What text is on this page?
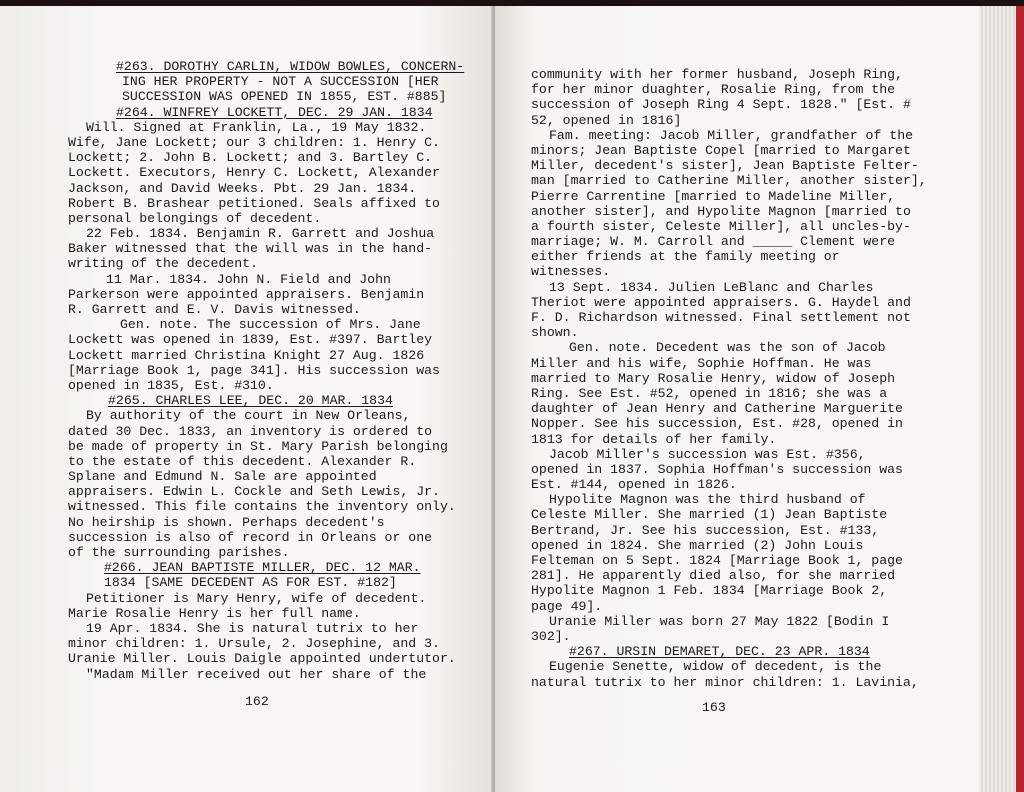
#263. DOROTHY CARLIN, WIDOW BOWLES, CONCERN-
ING HER PROPERTY - NOT A SUCCESSION [HER
SUCCESSION WAS OPENED IN 1855, EST. #885]
#264. WINFREY LOCKETT, DEC. 29 JAN. 1834
Will. Signed at Franklin, La., 19 May 1832.
Wife, Jane Lockett; our 3 children: 1. Henry C.
Lockett; 2. John B. Lockett; and 3. Bartley C.
Lockett. Executors, Henry C. Lockett, Alexander
Jackson, and David Weeks. Pbt. 29 Jan. 1834.
Robert B. Brashear petitioned. Seals affixed to
personal belongings of decedent.
22 Feb. 1834. Benjamin R. Garrett and Joshua
Baker witnessed that the will was in the hand-
writing of the decedent.
11 Mar. 1834. John N. Field and John
Parkerson were appointed appraisers. Benjamin
R. Garrett and E. V. Davis witnessed.
Gen. note. The succession of Mrs. Jane
Lockett was opened in 1839, Est. #397. Bartley
Lockett married Christina Knight 27 Aug. 1826
[Marriage Book 1, page 341]. His succession was
opened in 1835, Est. #310.
#265. CHARLES LEE, DEC. 20 MAR. 1834
By authority of the court in New Orleans,
dated 30 Dec. 1833, an inventory is ordered to
be made of property in St. Mary Parish belonging
to the estate of this decedent. Alexander R.
Splane and Edmund N. Sale are appointed
appraisers. Edwin L. Cockle and Seth Lewis, Jr.
witnessed. This file contains the inventory only.
No heirship is shown. Perhaps decedent's
succession is also of record in Orleans or one
of the surrounding parishes.
#266. JEAN BAPTISTE MILLER, DEC. 12 MAR.
1834 [SAME DECEDENT AS FOR EST. #182]
Petitioner is Mary Henry, wife of decedent.
Marie Rosalie Henry is her full name.
19 Apr. 1834. She is natural tutrix to her
minor children: 1. Ursule, 2. Josephine, and 3.
Uranie Miller. Louis Daigle appointed undertutor.
"Madam Miller received out her share of the
162
community with her former husband, Joseph Ring,
for her minor duaghter, Rosalie Ring, from the
succession of Joseph Ring 4 Sept. 1828." [Est. #
52, opened in 1816]
Fam. meeting: Jacob Miller, grandfather of the
minors; Jean Baptiste Copel [married to Margaret
Miller, decedent's sister], Jean Baptiste Felter-
man [married to Catherine Miller, another sister],
Pierre Carrentine [married to Madeline Miller,
another sister], and Hypolite Magnon [married to
a fourth sister, Celeste Miller], all uncles-by-
marriage; W. M. Carroll and _____ Clement were
either friends at the family meeting or
witnesses.
13 Sept. 1834. Julien LeBlanc and Charles
Theriot were appointed appraisers. G. Haydel and
F. D. Richardson witnessed. Final settlement not
shown.
Gen. note. Decedent was the son of Jacob
Miller and his wife, Sophie Hoffman. He was
married to Mary Rosalie Henry, widow of Joseph
Ring. See Est. #52, opened in 1816; she was a
daughter of Jean Henry and Catherine Marguerite
Nopper. See his succession, Est. #28, opened in
1813 for details of her family.
Jacob Miller's succession was Est. #356,
opened in 1837. Sophia Hoffman's succession was
Est. #144, opened in 1826.
Hypolite Magnon was the third husband of
Celeste Miller. She married (1) Jean Baptiste
Bertrand, Jr. See his succession, Est. #133,
opened in 1824. She married (2) John Louis
Felteman on 5 Sept. 1824 [Marriage Book 1, page
281]. He apparently died also, for she married
Hypolite Magnon 1 Feb. 1834 [Marriage Book 2,
page 49].
Uranie Miller was born 27 May 1822 [Bodin I
302].
#267. URSIN DEMARET, DEC. 23 APR. 1834
Eugenie Senette, widow of decedent, is the
natural tutrix to her minor children: 1. Lavinia,
163
